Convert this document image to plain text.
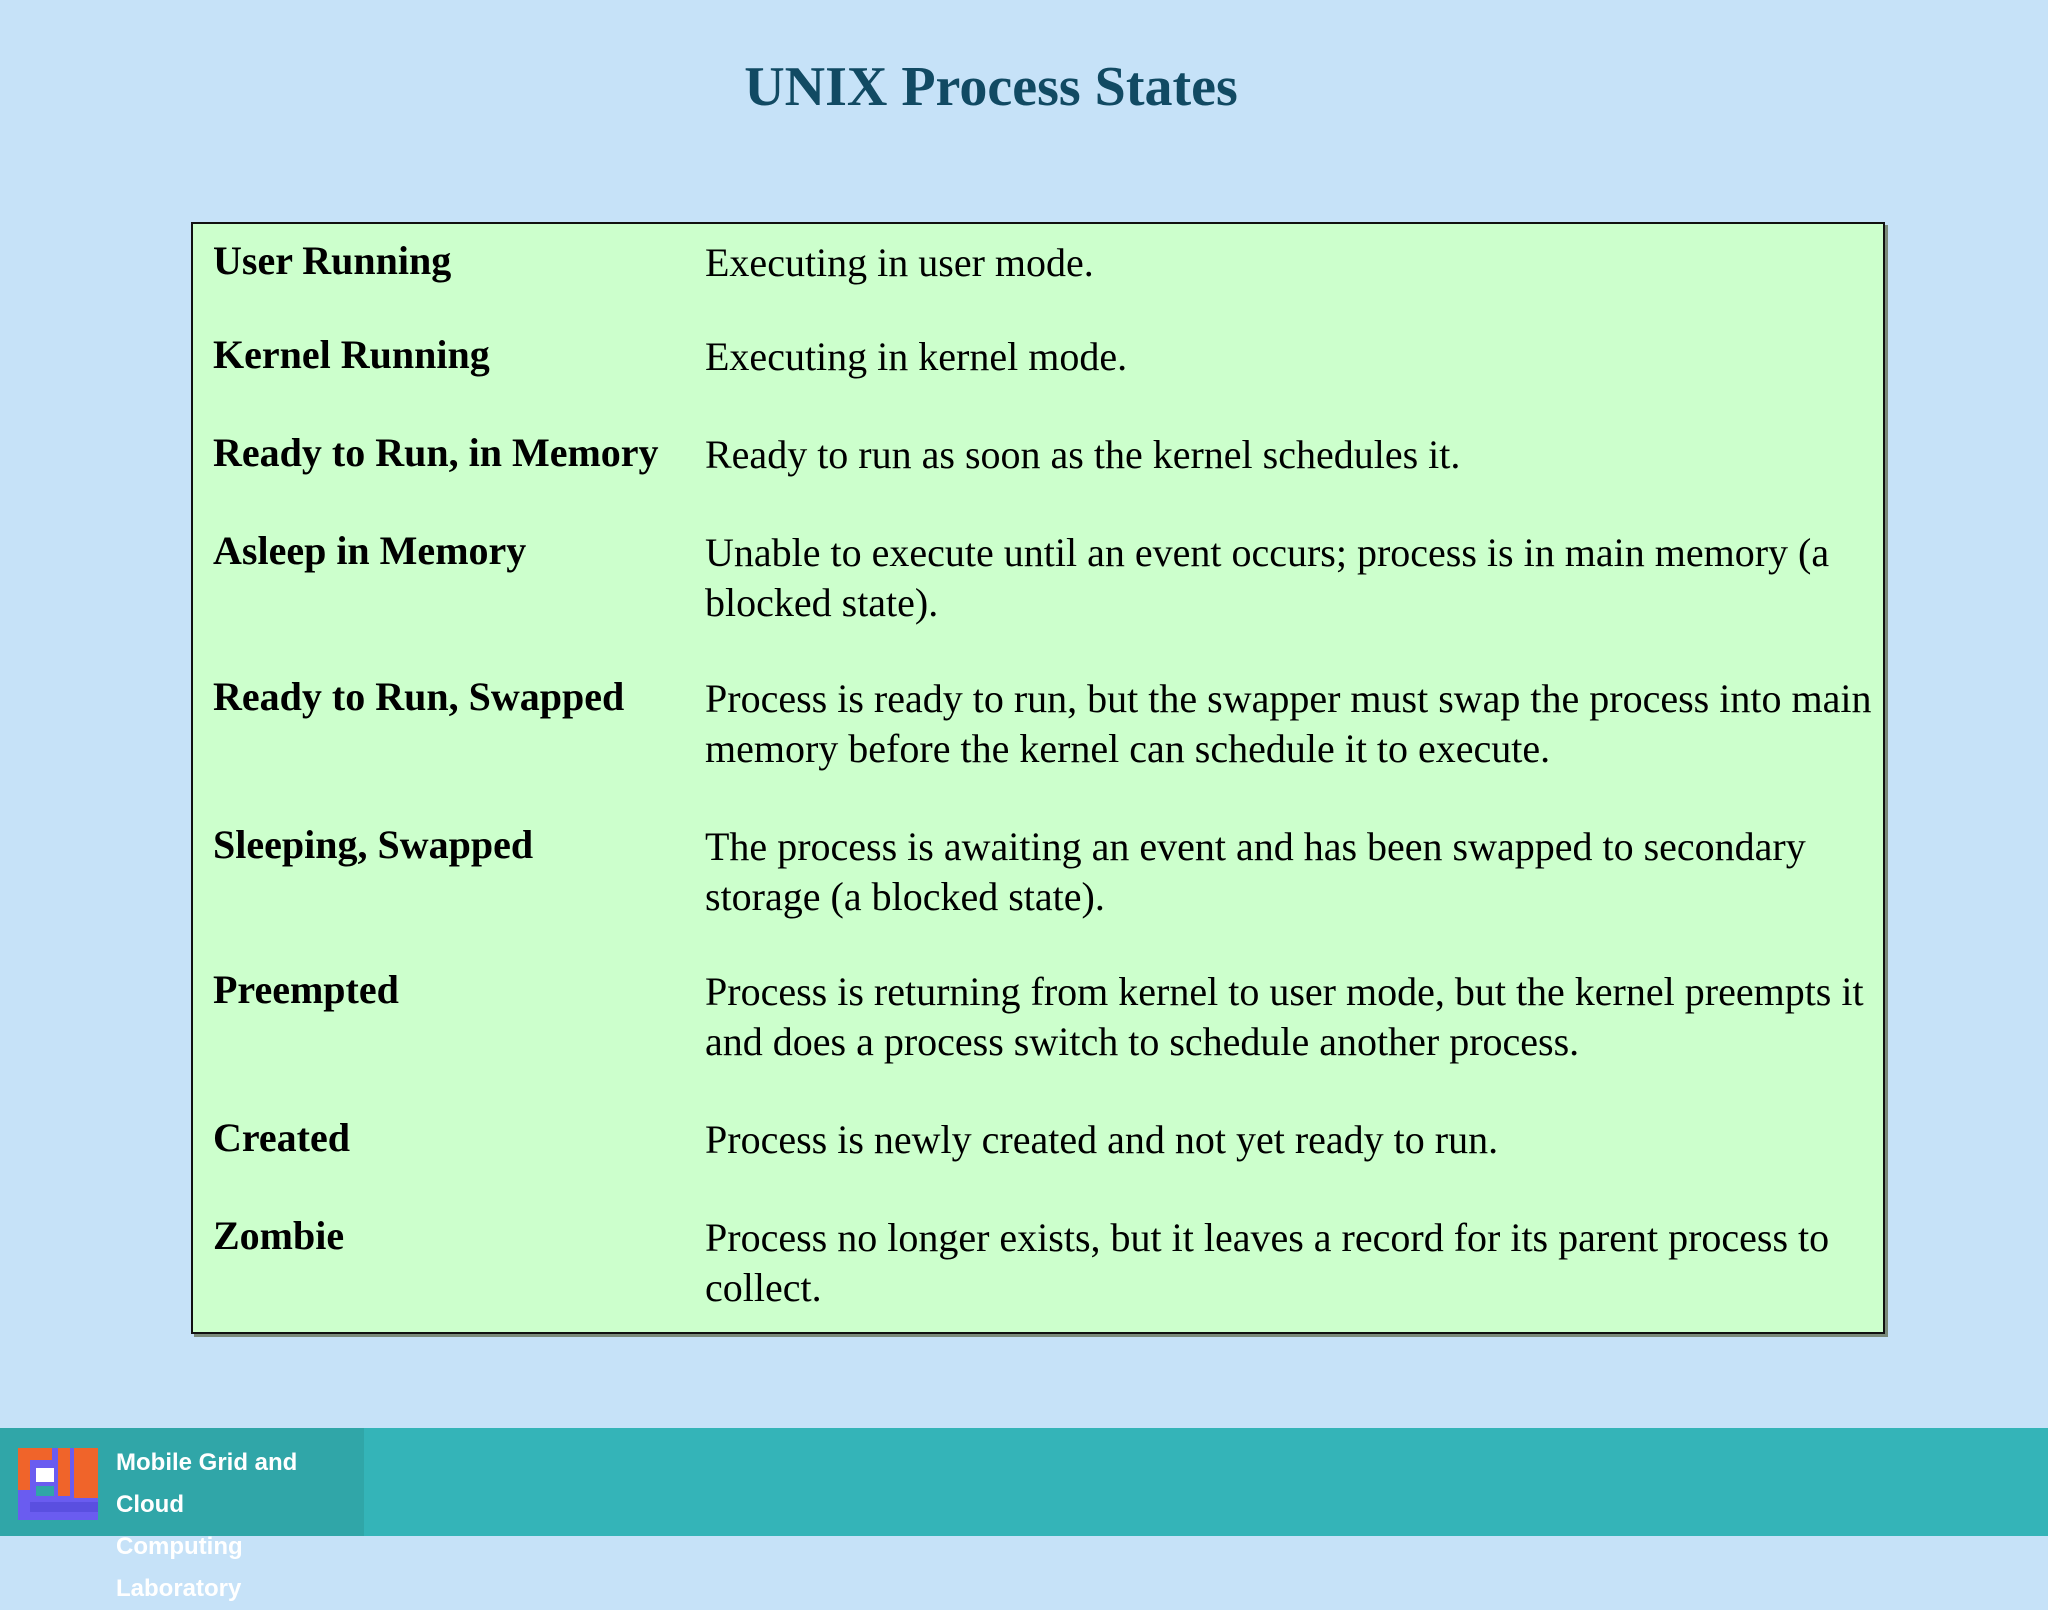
UNIX Process States
User Running	Executing in user mode.
Kernel Running	Executing in kernel mode.
Ready to Run, in Memory	Ready to run as soon as the kernel schedules it.
Asleep in Memory	Unable to execute until an event occurs; process is in main memory (a blocked state).
Ready to Run, Swapped	Process is ready to run, but the swapper must swap the process into main memory before the kernel can schedule it to execute.
Sleeping, Swapped	The process is awaiting an event and has been swapped to secondary storage (a blocked state).
Preempted	Process is returning from kernel to user mode, but the kernel preempts it and does a process switch to schedule another process.
Created	Process is newly created and not yet ready to run.
Zombie	Process no longer exists, but it leaves a record for its parent process to collect.
Mobile Grid and Cloud
Computing Laboratory
